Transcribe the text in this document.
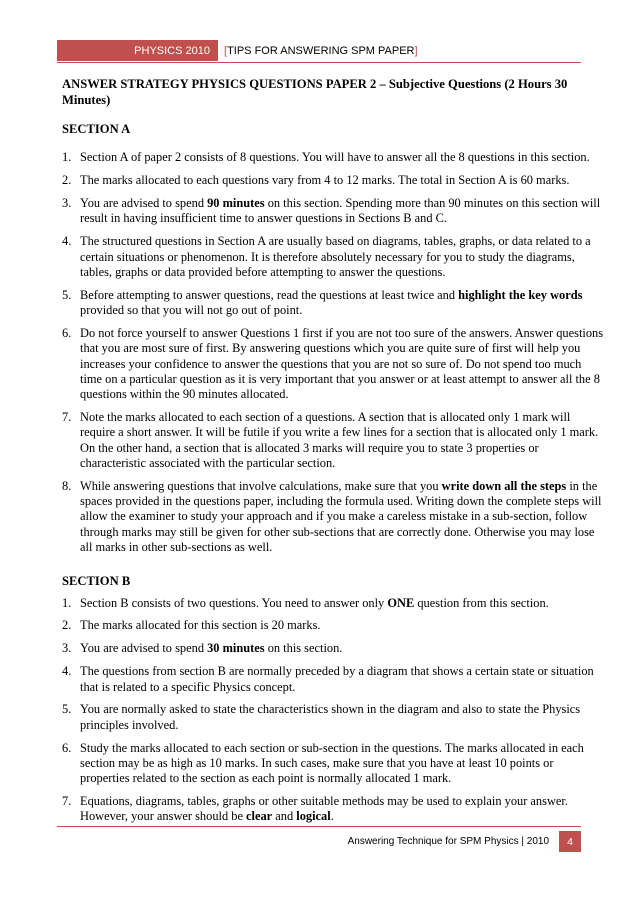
PHYSICS 2010 [TIPS FOR ANSWERING SPM PAPER]
ANSWER STRATEGY PHYSICS QUESTIONS PAPER 2 – Subjective Questions (2 Hours 30 Minutes)
SECTION A
1. Section A of paper 2 consists of 8 questions. You will have to answer all the 8 questions in this section.
2. The marks allocated to each questions vary from 4 to 12 marks. The total in Section A is 60 marks.
3. You are advised to spend 90 minutes on this section. Spending more than 90 minutes on this section will result in having insufficient time to answer questions in Sections B and C.
4. The structured questions in Section A are usually based on diagrams, tables, graphs, or data related to a certain situations or phenomenon. It is therefore absolutely necessary for you to study the diagrams, tables, graphs or data provided before attempting to answer the questions.
5. Before attempting to answer questions, read the questions at least twice and highlight the key words provided so that you will not go out of point.
6. Do not force yourself to answer Questions 1 first if you are not too sure of the answers. Answer questions that you are most sure of first. By answering questions which you are quite sure of first will help you increases your confidence to answer the questions that you are not so sure of. Do not spend too much time on a particular question as it is very important that you answer or at least attempt to answer all the 8 questions within the 90 minutes allocated.
7. Note the marks allocated to each section of a questions. A section that is allocated only 1 mark will require a short answer. It will be futile if you write a few lines for a section that is allocated only 1 mark. On the other hand, a section that is allocated 3 marks will require you to state 3 properties or characteristic associated with the particular section.
8. While answering questions that involve calculations, make sure that you write down all the steps in the spaces provided in the questions paper, including the formula used. Writing down the complete steps will allow the examiner to study your approach and if you make a careless mistake in a sub-section, follow through marks may still be given for other sub-sections that are correctly done. Otherwise you may lose all marks in other sub-sections as well.
SECTION B
1. Section B consists of two questions. You need to answer only ONE question from this section.
2. The marks allocated for this section is 20 marks.
3. You are advised to spend 30 minutes on this section.
4. The questions from section B are normally preceded by a diagram that shows a certain state or situation that is related to a specific Physics concept.
5. You are normally asked to state the characteristics shown in the diagram and also to state the Physics principles involved.
6. Study the marks allocated to each section or sub-section in the questions. The marks allocated in each section may be as high as 10 marks. In such cases, make sure that you have at least 10 points or properties related to the section as each point is normally allocated 1 mark.
7. Equations, diagrams, tables, graphs or other suitable methods may be used to explain your answer. However, your answer should be clear and logical.
Answering Technique for SPM Physics | 2010 4
